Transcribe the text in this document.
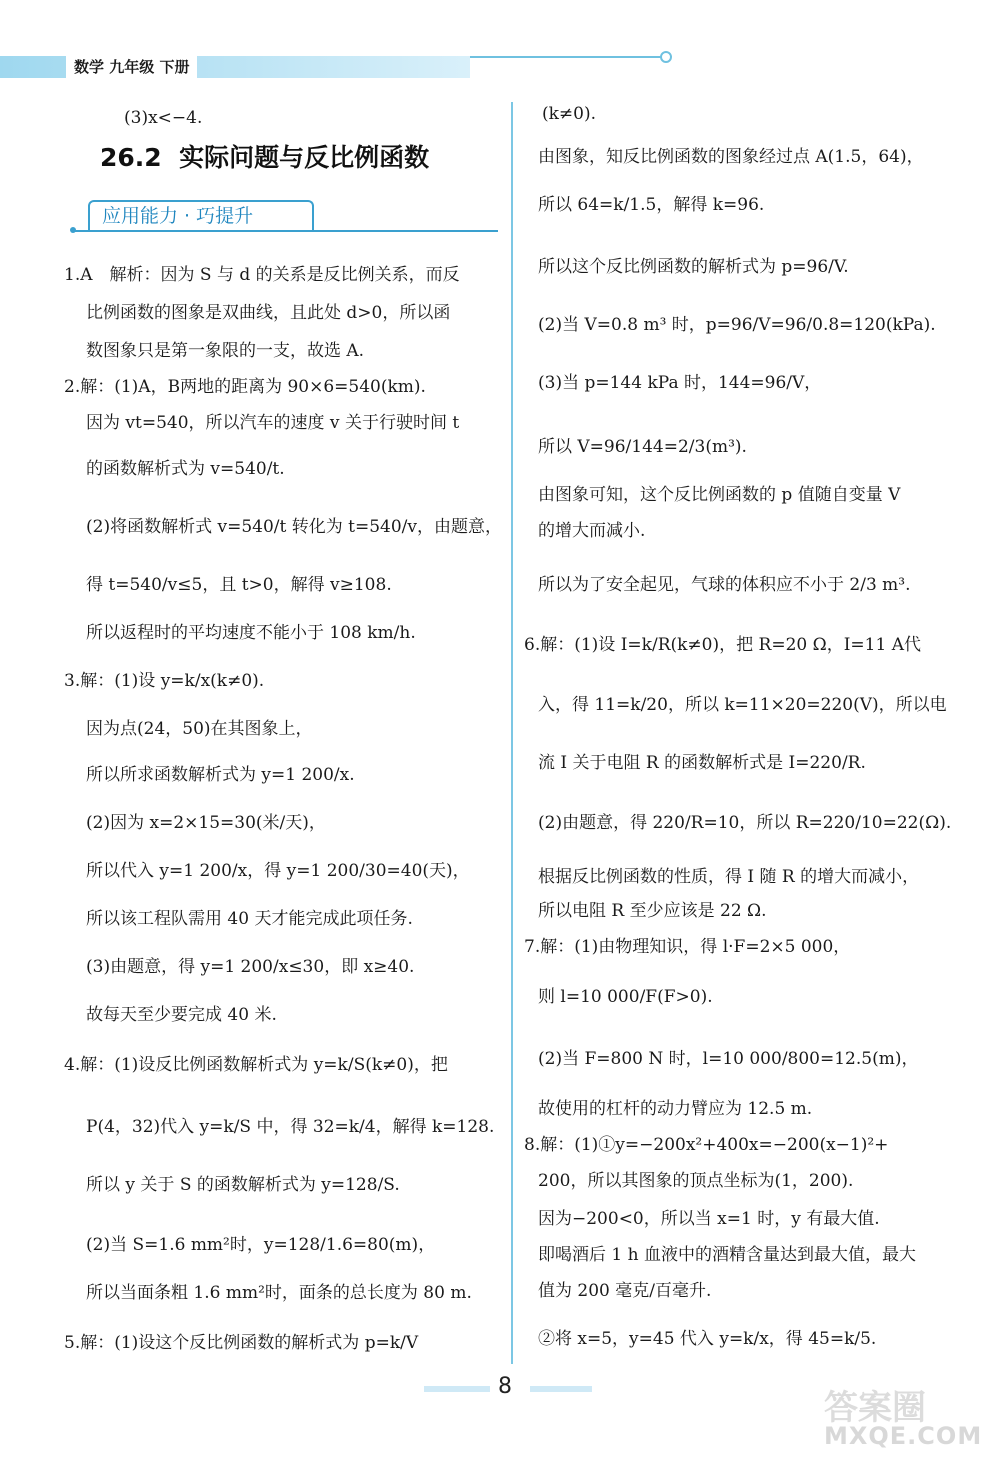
数学 九年级 下册
26.2 实际问题与反比例函数
应用能力 · 巧提升
(3)x<−4.
1.A　解析：因为 S 与 d 的关系是反比例关系，而反
比例函数的图象是双曲线，且此处 d>0，所以函
数图象只是第一象限的一支，故选 A.
2.解：(1)A，B两地的距离为 90×6=540(km).
因为 vt=540，所以汽车的速度 v 关于行驶时间 t
的函数解析式为 v=540/t.
(2)将函数解析式 v=540/t 转化为 t=540/v，由题意，
得 t=540/v≤5，且 t>0，解得 v≥108.
所以返程时的平均速度不能小于 108 km/h.
3.解：(1)设 y=k/x(k≠0).
因为点(24，50)在其图象上，
所以所求函数解析式为 y=1 200/x.
(2)因为 x=2×15=30(米/天)，
所以代入 y=1 200/x，得 y=1 200/30=40(天)，
所以该工程队需用 40 天才能完成此项任务.
(3)由题意，得 y=1 200/x≤30，即 x≥40.
故每天至少要完成 40 米.
4.解：(1)设反比例函数解析式为 y=k/S(k≠0)，把
P(4，32)代入 y=k/S 中，得 32=k/4，解得 k=128.
所以 y 关于 S 的函数解析式为 y=128/S.
(2)当 S=1.6 mm²时，y=128/1.6=80(m)，
所以当面条粗 1.6 mm²时，面条的总长度为 80 m.
5.解：(1)设这个反比例函数的解析式为 p=k/V
(k≠0).
由图象，知反比例函数的图象经过点 A(1.5，64)，
所以 64=k/1.5，解得 k=96.
所以这个反比例函数的解析式为 p=96/V.
(2)当 V=0.8 m³ 时，p=96/V=96/0.8=120(kPa).
(3)当 p=144 kPa 时，144=96/V，
所以 V=96/144=2/3(m³).
由图象可知，这个反比例函数的 p 值随自变量 V
的增大而减小.
所以为了安全起见，气球的体积应不小于 2/3 m³.
6.解：(1)设 I=k/R(k≠0)，把 R=20 Ω，I=11 A代
入，得 11=k/20，所以 k=11×20=220(V)，所以电
流 I 关于电阻 R 的函数解析式是 I=220/R.
(2)由题意，得 220/R=10，所以 R=220/10=22(Ω).
根据反比例函数的性质，得 I 随 R 的增大而减小，
所以电阻 R 至少应该是 22 Ω.
7.解：(1)由物理知识，得 l·F=2×5 000，
则 l=10 000/F(F>0).
(2)当 F=800 N 时，l=10 000/800=12.5(m)，
故使用的杠杆的动力臂应为 12.5 m.
8.解：(1)①y=−200x²+400x=−200(x−1)²+
200，所以其图象的顶点坐标为(1，200).
因为−200<0，所以当 x=1 时，y 有最大值.
即喝酒后 1 h 血液中的酒精含量达到最大值，最大
值为 200 毫克/百毫升.
②将 x=5，y=45 代入 y=k/x，得 45=k/5.
8
答案圈
MXQE.COM
